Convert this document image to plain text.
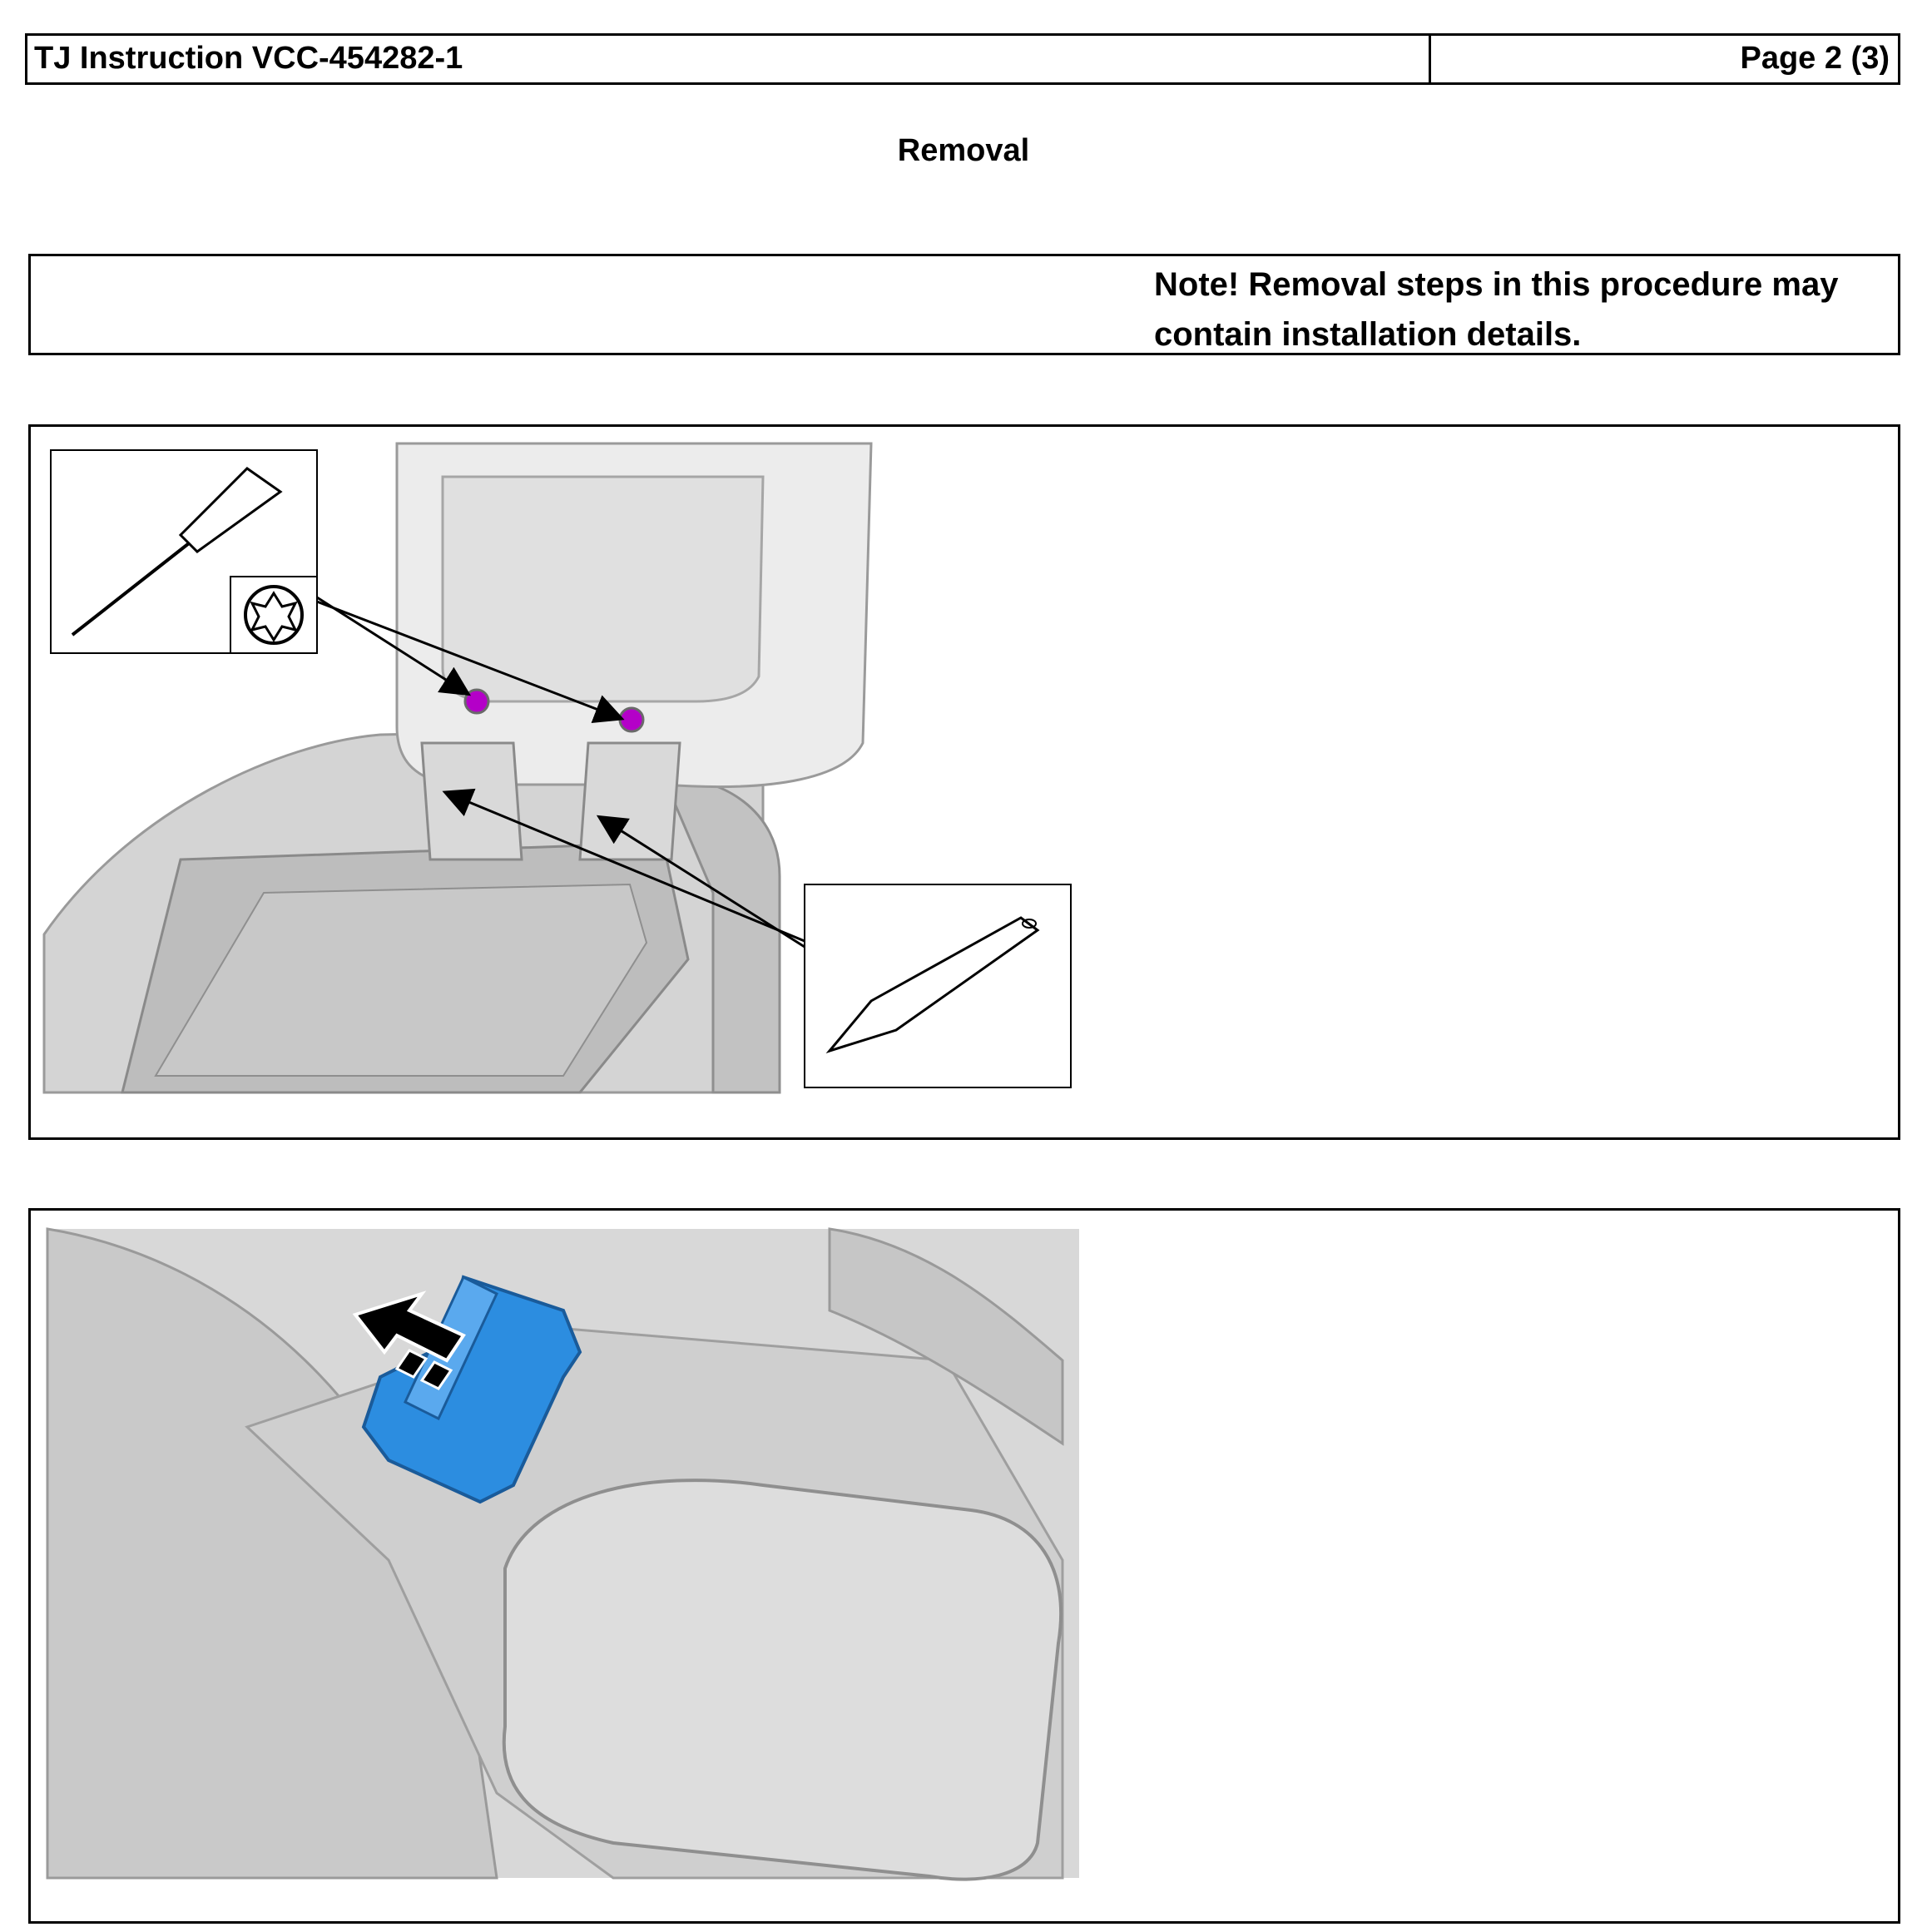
TJ Instruction VCC-454282-1	Page 2 (3)
Removal
Note! Removal steps in this procedure may contain installation details.
